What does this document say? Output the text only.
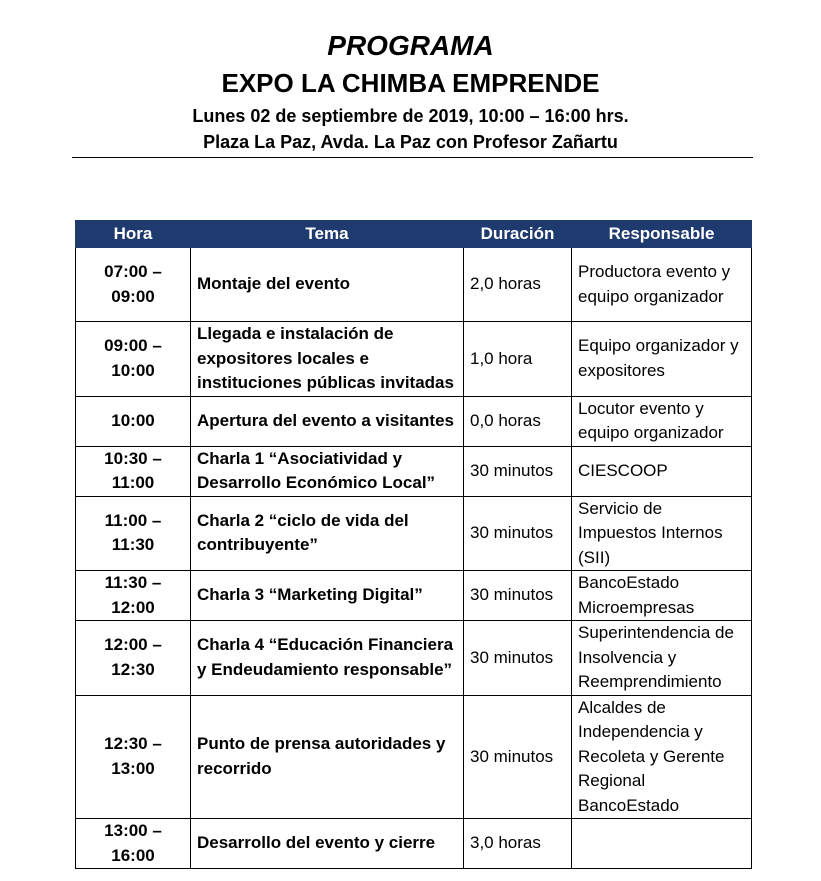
PROGRAMA
EXPO LA CHIMBA EMPRENDE
Lunes 02 de septiembre de 2019, 10:00 – 16:00 hrs.
Plaza La Paz, Avda. La Paz con Profesor Zañartu
Hora	Tema	Duración	Responsable
07:00 – 09:00	Montaje del evento	2,0 horas	Productora evento y equipo organizador
09:00 – 10:00	Llegada e instalación de expositores locales e instituciones públicas invitadas	1,0 hora	Equipo organizador y expositores
10:00	Apertura del evento a visitantes	0,0 horas	Locutor evento y equipo organizador
10:30 – 11:00	Charla 1 “Asociatividad y Desarrollo Económico Local”	30 minutos	CIESCOOP
11:00 – 11:30	Charla 2 “ciclo de vida del contribuyente”	30 minutos	Servicio de Impuestos Internos (SII)
11:30 – 12:00	Charla 3 “Marketing Digital”	30 minutos	BancoEstado Microempresas
12:00 – 12:30	Charla 4 “Educación Financiera y Endeudamiento responsable”	30 minutos	Superintendencia de Insolvencia y Reemprendimiento
12:30 – 13:00	Punto de prensa autoridades y recorrido	30 minutos	Alcaldes de Independencia y Recoleta y Gerente Regional BancoEstado
13:00 – 16:00	Desarrollo del evento y cierre	3,0 horas	
